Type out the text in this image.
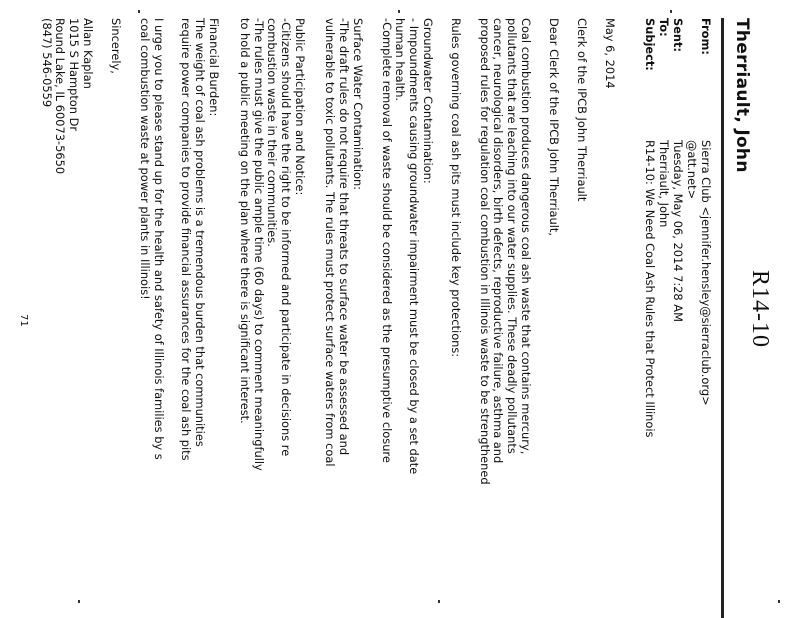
R14-10
Therriault, John
From:
Sierra Club <jennifer.hensley@sierraclub.org>
@att.net>
Sent:
Tuesday, May 06, 2014 7:28 AM
To:
Therriault, John
Subject:
R14-10: We Need Coal Ash Rules that Protect Illinois
May 6, 2014
Clerk of the IPCB John Therriault
Dear Clerk of the IPCB John Therriault,
Coal combustion produces dangerous coal ash waste that contains mercury,
pollutants that are leaching into our water supplies. These deadly pollutants
cancer, neurological disorders, birth defects, reproductive failure, asthma and
proposed rules for regulation coal combustion in Illinois waste to be strengthened
Rules governing coal ash pits must include key protections:
Groundwater Contamination:
- Impoundments causing groundwater impairment must be closed by a set date
human health.
-Complete removal of waste should be considered as the presumptive closure
Surface Water Contamination:
-The draft rules do not require that threats to surface water be assessed and
vulnerable to toxic pollutants. The rules must protect surface waters from coal
Public Participation and Notice:
-Citizens should have the right to be informed and participate in decisions re
combustion waste in their communities.
-The rules must give the public ample time (60 days) to comment meaningfully
to hold a public meeting on the plan where there is significant interest.
Financial Burden:
The weight of coal ash problems is a tremendous burden that communities
require power companies to provide financial assurances for the coal ash pits

I urge you to please stand up for the health and safety of Illinois families by s
coal combustion waste at power plants in Illinois!
Sincerely,
Allan Kaplan
1015 S Hampton Dr
Round Lake, IL 60073-5650
(847) 546-0559
71
